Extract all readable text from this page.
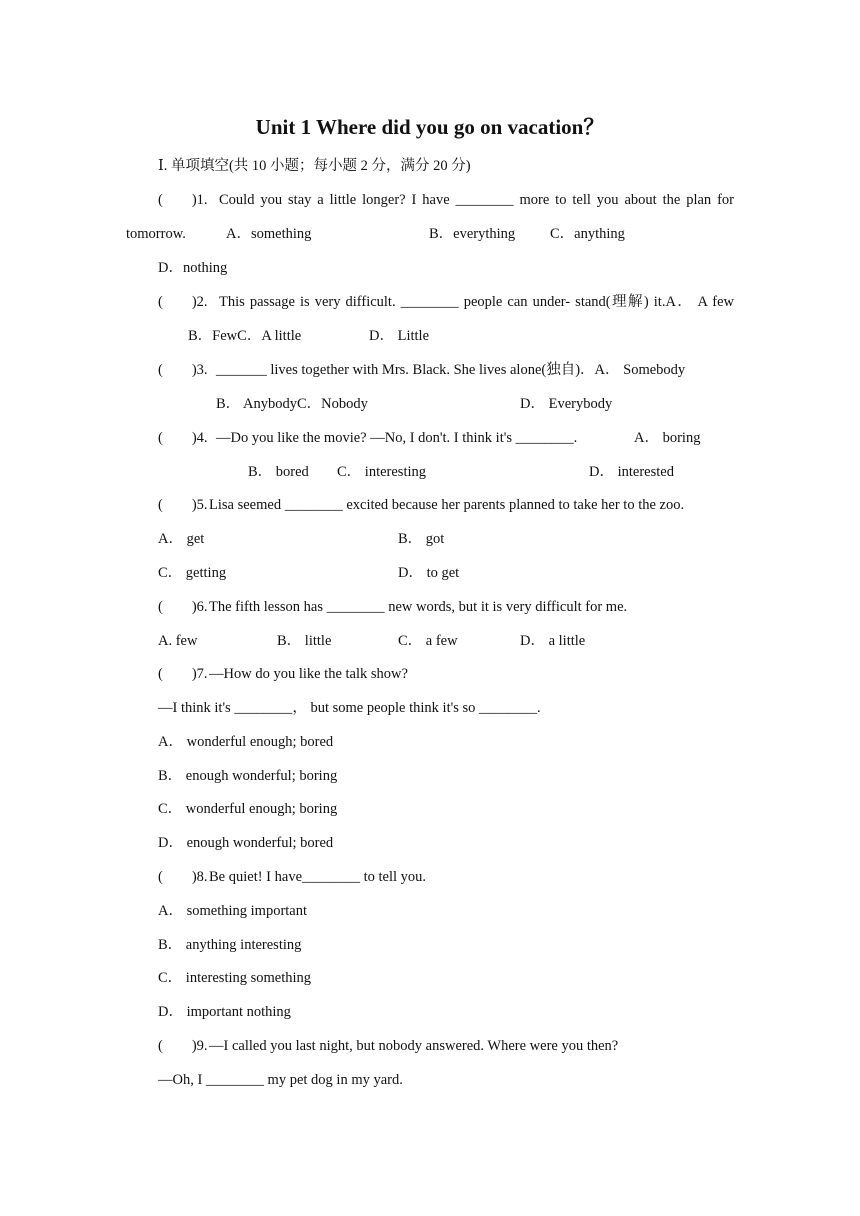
Unit 1 Where did you go on vacation？
Ⅰ. 单项填空(共 10 小题；每小题 2 分，满分 20 分)
(　　)1. Could you stay a little longer? I have ________ more to tell you about the plan for
tomorrow.	A．something	B．everything C．anything
D．nothing
(　　)2. This passage is very difficult. ________ people can under- stand(理解) it.A． A few
B．FewC．A little	D． Little
(　　)3. _______ lives together with Mrs. Black. She lives alone(独自)．A． Somebody
B． AnybodyC．Nobody	D． Everybody
(　　)4. —Do you like the movie? —No, I don't. I think it's ________.	A． boring
B． bored C． interesting	D． interested
(　　)5. Lisa seemed ________ excited because her parents planned to take her to the zoo.
A． get	B． got
C． getting	D． to get
(　　)6. The fifth lesson has ________ new words, but it is very difficult for me.
A. few	B． little	C． a few	D． a little
(　　)7. —How do you like the talk show?
—I think it's ________， but some people think it's so ________.
A． wonderful enough; bored
B． enough wonderful; boring
C． wonderful enough; boring
D． enough wonderful; bored
(　　)8. Be quiet! I have________ to tell you.
A． something important
B． anything interesting
C． interesting something
D． important nothing
(　　)9. —I called you last night, but nobody answered. Where were you then?
—Oh, I ________ my pet dog in my yard.
